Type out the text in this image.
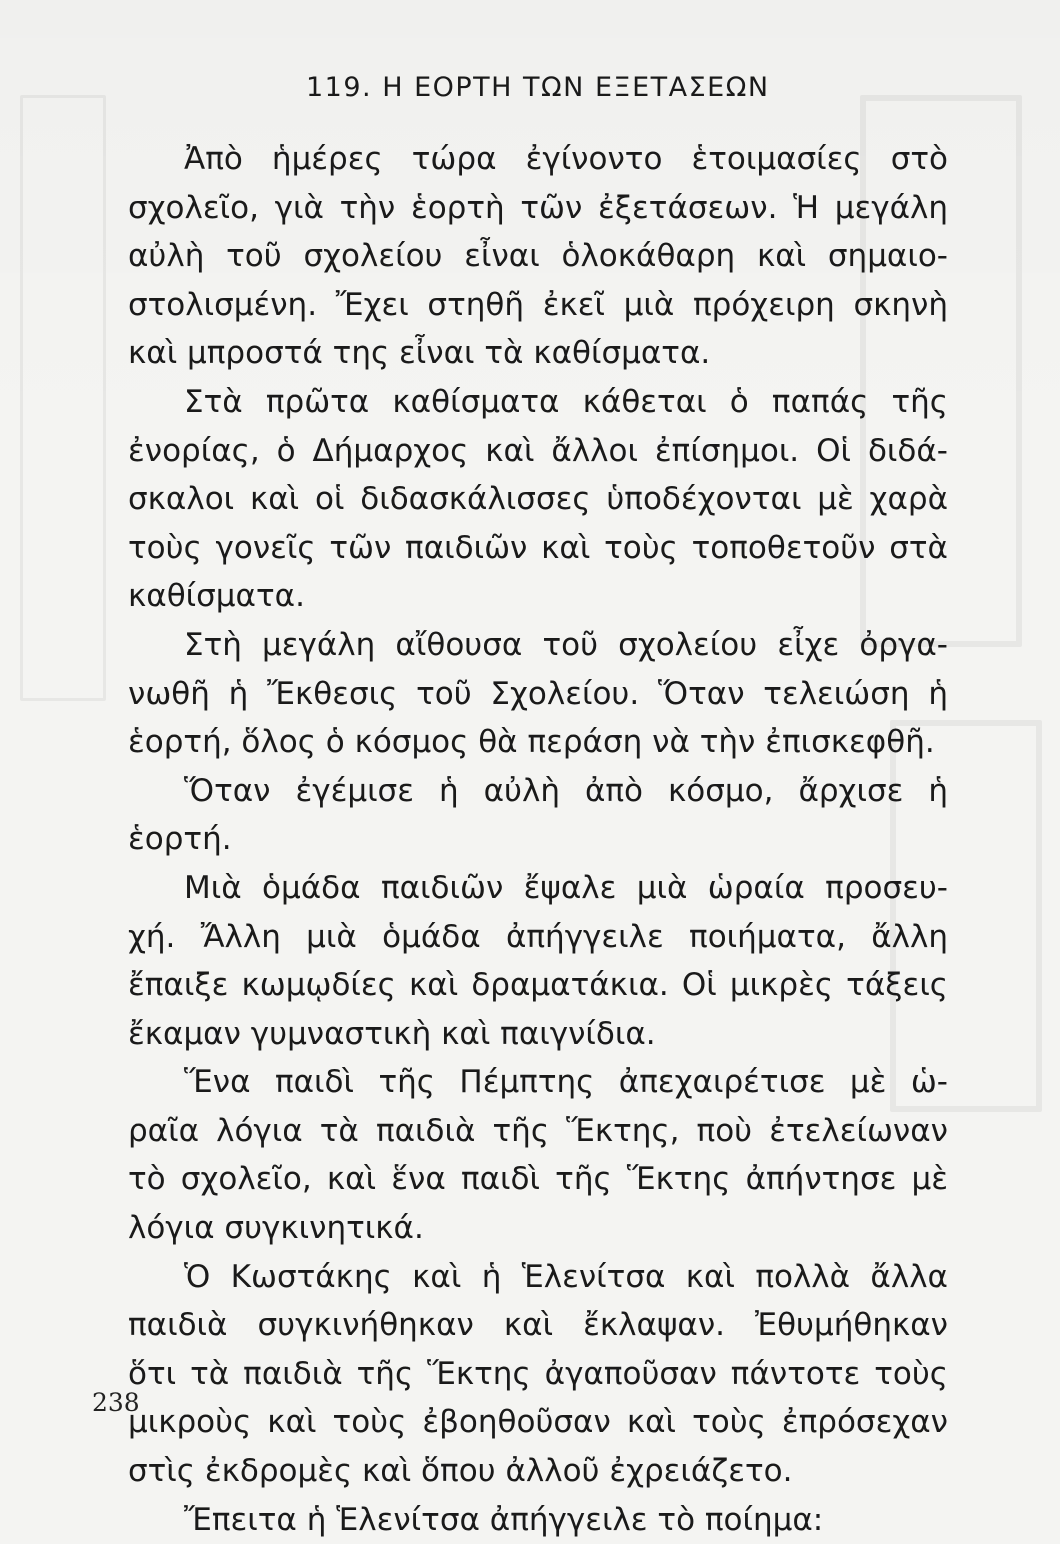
119. Η ΕΟΡΤΗ ΤΩΝ ΕΞΕΤΑΣΕΩΝ
Ἀπὸ ἡμέρες τώρα ἐγίνοντο ἑτοιμασίες στὸ
σχολεῖο, γιὰ τὴν ἑορτὴ τῶν ἐξετάσεων. Ἡ μεγάλη
αὐλὴ τοῦ σχολείου εἶναι ὁλοκάθαρη καὶ σημαιο-
στολισμένη. Ἔχει στηθῆ ἐκεῖ μιὰ πρόχειρη σκηνὴ
καὶ μπροστά της εἶναι τὰ καθίσματα.
Στὰ πρῶτα καθίσματα κάθεται ὁ παπάς τῆς
ἐνορίας, ὁ Δήμαρχος καὶ ἄλλοι ἐπίσημοι. Οἱ διδά-
σκαλοι καὶ οἱ διδασκάλισσες ὑποδέχονται μὲ χαρὰ
τοὺς γονεῖς τῶν παιδιῶν καὶ τοὺς τοποθετοῦν στὰ
καθίσματα.
Στὴ μεγάλη αἴθουσα τοῦ σχολείου εἶχε ὀργα-
νωθῆ ἡ Ἔκθεσις τοῦ Σχολείου. Ὅταν τελειώση ἡ
ἑορτή, ὅλος ὁ κόσμος θὰ περάση νὰ τὴν ἐπισκεφθῆ.
Ὅταν ἐγέμισε ἡ αὐλὴ ἀπὸ κόσμο, ἄρχισε ἡ
ἑορτή.
Μιὰ ὁμάδα παιδιῶν ἔψαλε μιὰ ὡραία προσευ-
χή. Ἄλλη μιὰ ὁμάδα ἀπήγγειλε ποιήματα, ἄλλη
ἔπαιξε κωμῳδίες καὶ δραματάκια. Οἱ μικρὲς τάξεις
ἔκαμαν γυμναστικὴ καὶ παιγνίδια.
Ἕνα παιδὶ τῆς Πέμπτης ἀπεχαιρέτισε μὲ ὡ-
ραῖα λόγια τὰ παιδιὰ τῆς Ἕκτης, ποὺ ἐτελείωναν
τὸ σχολεῖο, καὶ ἕνα παιδὶ τῆς Ἕκτης ἀπήντησε μὲ
λόγια συγκινητικά.
Ὁ Κωστάκης καὶ ἡ Ἑλενίτσα καὶ πολλὰ ἄλλα
παιδιὰ συγκινήθηκαν καὶ ἔκλαψαν. Ἐθυμήθηκαν
ὅτι τὰ παιδιὰ τῆς Ἕκτης ἀγαποῦσαν πάντοτε τοὺς
μικροὺς καὶ τοὺς ἐβοηθοῦσαν καὶ τοὺς ἐπρόσεχαν
στὶς ἐκδρομὲς καὶ ὅπου ἀλλοῦ ἐχρειάζετο.
Ἔπειτα ἡ Ἑλενίτσα ἀπήγγειλε τὸ ποίημα:
238
